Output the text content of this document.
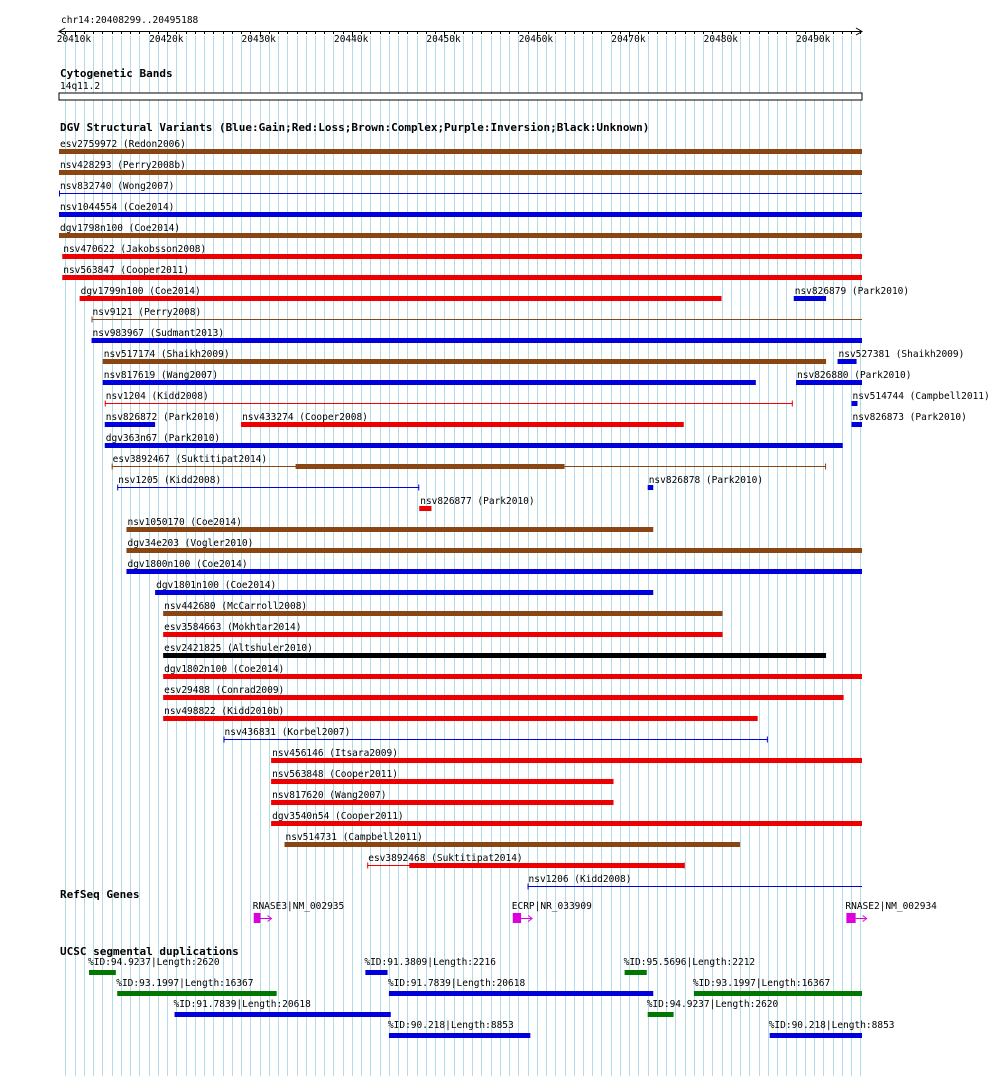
chr14:20408299..20495188
20410k	20420k	20430k	20440k	20450k	20460k	20470k	20480k	20490k
Cytogenetic Bands
14q11.2
DGV Structural Variants (Blue:Gain;Red:Loss;Brown:Complex;Purple:Inversion;Black:Unknown)
esv2759972 (Redon2006)
nsv428293 (Perry2008b)
nsv832740 (Wong2007)
nsv1044554 (Coe2014)
dgv1798n100 (Coe2014)
nsv470622 (Jakobsson2008)
nsv563847 (Cooper2011)
dgv1799n100 (Coe2014)	nsv826879 (Park2010)
nsv9121 (Perry2008)
nsv983967 (Sudmant2013)
nsv517174 (Shaikh2009)	nsv527381 (Shaikh2009)
nsv817619 (Wang2007)	nsv826880 (Park2010)
nsv1204 (Kidd2008)	nsv514744 (Campbell2011)
nsv826872 (Park2010) nsv433274 (Cooper2008)	nsv826873 (Park2010)
dgv363n67 (Park2010)
esv3892467 (Suktitipat2014)
nsv1205 (Kidd2008)
nsv826877 (Park2010)
nsv826878 (Park2010)
nsv1050170 (Coe2014)
dgv34e203 (Vogler2010)
dgv1800n100 (Coe2014)
dgv1801n100 (Coe2014)
nsv442680 (McCarroll2008)
esv3584663 (Mokhtar2014)
esv2421825 (Altshuler2010)
dgv1802n100 (Coe2014)
esv29488 (Conrad2009)
nsv498822 (Kidd2010b)
nsv436831 (Korbel2007)
nsv456146 (Itsara2009)
nsv563848 (Cooper2011)
nsv817620 (Wang2007)
dgv3540n54 (Cooper2011)
nsv514731 (Campbell2011)
esv3892468 (Suktitipat2014)
nsv1206 (Kidd2008)
RefSeq Genes
RNASE3|NM_002935	ECRP|NR_033909	RNASE2|NM_002934
UCSC segmental duplications
%ID:94.9237|Length:2620	%ID:91.3809|Length:2216	%ID:95.5696|Length:2212
%ID:93.1997|Length:16367	%ID:91.7839|Length:20618	%ID:93.1997|Length:16367
%ID:91.7839|Length:20618
%ID:90.218|Length:8853
%ID:94.9237|Length:2620
%ID:90.218|Length:8853
